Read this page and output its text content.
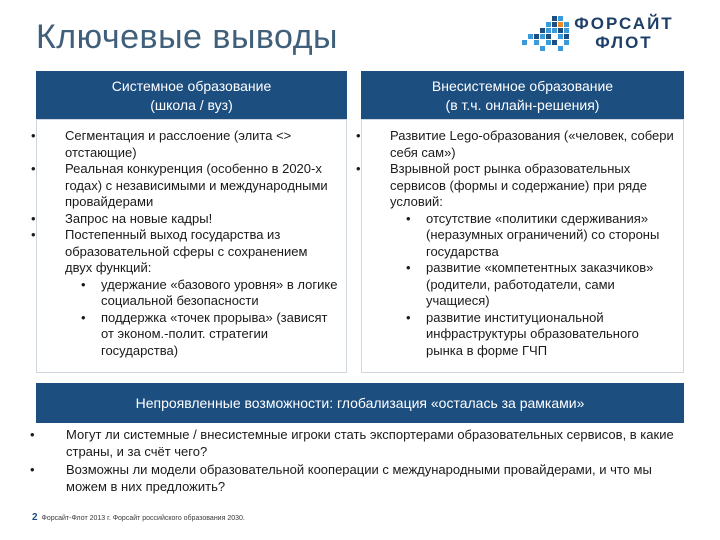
Ключевые выводы	ФОРСАЙТ
ФЛОТ
Системное образование
(школа / вуз)
• Сегментация и расслоение (элита <> отстающие)
• Реальная конкуренция (особенно в 2020-х годах) с независимыми и международными провайдерами
• Запрос на новые кадры!
• Постепенный выход государства из образовательной сферы с сохранением двух функций:
• удержание «базового уровня» в логике социальной безопасности
• поддержка «точек прорыва» (зависят от эконом.-полит. стратегии государства)
Внесистемное образование
(в т.ч. онлайн-решения)
• Развитие Lego-образования («человек, собери себя сам»)
• Взрывной рост рынка образовательных сервисов (формы и содержание) при ряде условий:
• отсутствие «политики сдерживания» (неразумных ограничений) со стороны государства
• развитие «компетентных заказчиков» (родители, работодатели, сами учащиеся)
• развитие институциональной инфраструктуры образовательного рынка в форме ГЧП
Непроявленные возможности: глобализация «осталась за рамками»
• Могут ли системные / внесистемные игроки стать экспортерами образовательных сервисов, в какие страны, и за счёт чего?
• Возможны ли модели образовательной кооперации с международными провайдерами, и что мы можем в них предложить?
2 Форсайт-Флот 2013 г. Форсайт российского образования 2030.
